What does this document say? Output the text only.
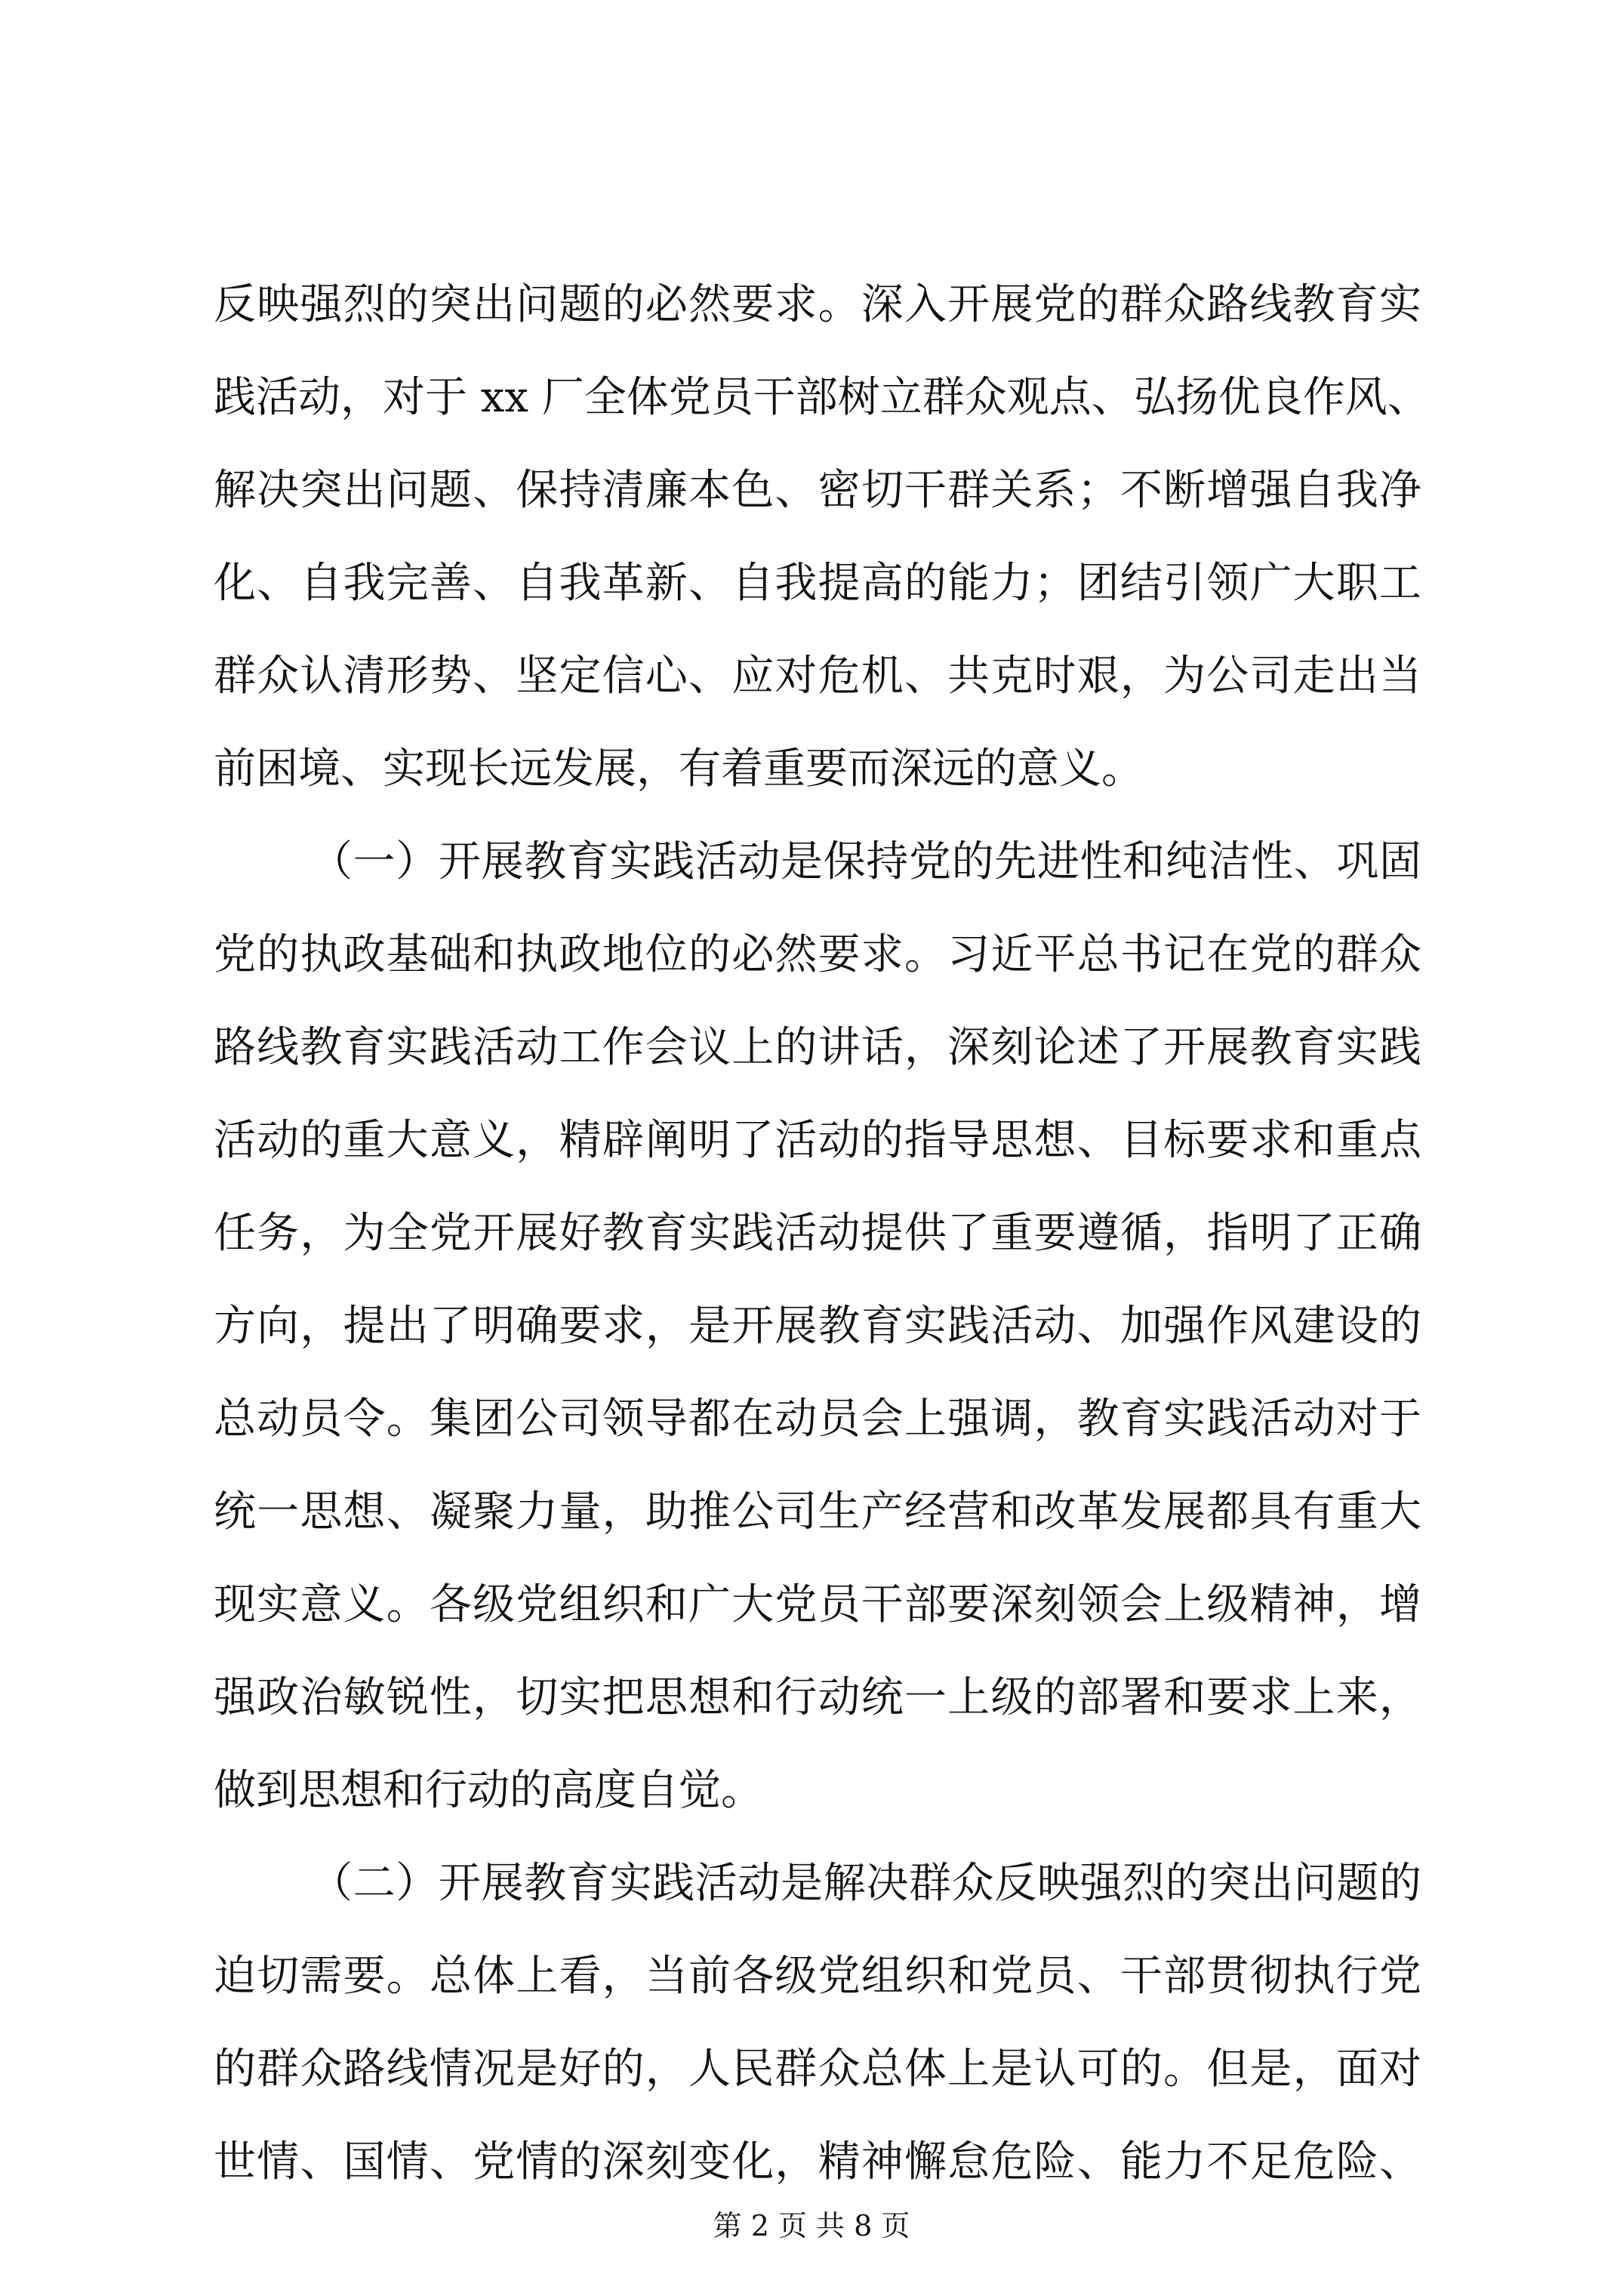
反映强烈的突出问题的必然要求。深入开展党的群众路线教育实
践活动，对于 xx 厂全体党员干部树立群众观点、弘扬优良作风、
解决突出问题、保持清廉本色、密切干群关系；不断增强自我净
化、自我完善、自我革新、自我提高的能力；团结引领广大职工
群众认清形势、坚定信心、应对危机、共克时艰，为公司走出当
前困境、实现长远发展，有着重要而深远的意义。
（一）开展教育实践活动是保持党的先进性和纯洁性、巩固
党的执政基础和执政地位的必然要求。习近平总书记在党的群众
路线教育实践活动工作会议上的讲话，深刻论述了开展教育实践
活动的重大意义，精辟阐明了活动的指导思想、目标要求和重点
任务，为全党开展好教育实践活动提供了重要遵循，指明了正确
方向，提出了明确要求，是开展教育实践活动、加强作风建设的
总动员令。集团公司领导都在动员会上强调，教育实践活动对于
统一思想、凝聚力量，助推公司生产经营和改革发展都具有重大
现实意义。各级党组织和广大党员干部要深刻领会上级精神，增
强政治敏锐性，切实把思想和行动统一上级的部署和要求上来，
做到思想和行动的高度自觉。
（二）开展教育实践活动是解决群众反映强烈的突出问题的
迫切需要。总体上看，当前各级党组织和党员、干部贯彻执行党
的群众路线情况是好的，人民群众总体上是认可的。但是，面对
世情、国情、党情的深刻变化，精神懈怠危险、能力不足危险、
第 2 页 共 8 页
